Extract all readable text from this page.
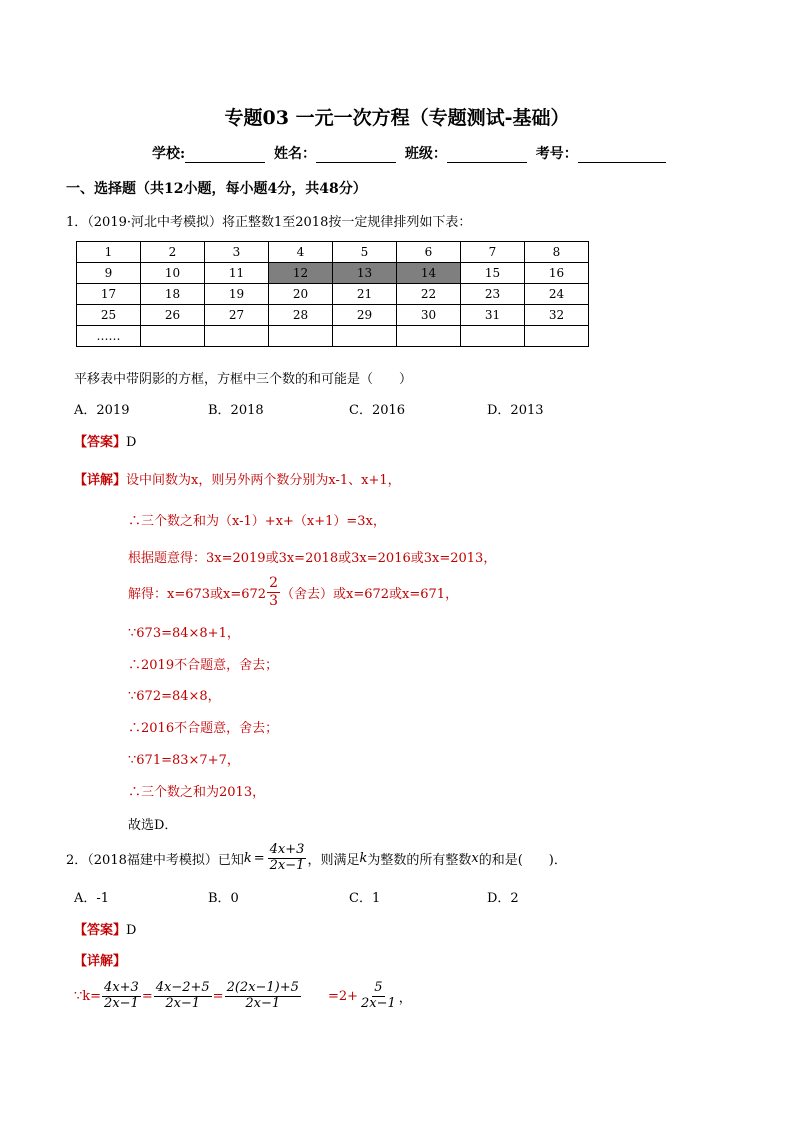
专题03 一元一次方程（专题测试-基础）
学校:	姓名：	班级：	考号：
一、选择题（共12小题，每小题4分，共48分）
1．（2019·河北中考模拟）将正整数1至2018按一定规律排列如下表：
1	2	3	4	5	6	7	8
9	10	11	12	13	14	15	16
17	18	19	20	21	22	23	24
25	26	27	28	29	30	31	32
……							
平移表中带阴影的方框，方框中三个数的和可能是（　　）
A．2019	B．2018	C．2016	D．2013
【答案】D
【详解】设中间数为x，则另外两个数分别为x-1、x+1，
∴三个数之和为（x-1）+x+（x+1）=3x，
根据题意得：3x=2019或3x=2018或3x=2016或3x=2013，
解得：x=673或$x=672 \frac{2}{3}$ （舍去）或x=672或x=671，
∵673=84×8+1，
∴2019不合题意，舍去；
∵672=84×8，
∴2016不合题意，舍去；
∵671=83×7+7，
∴三个数之和为2013，
故选D．
2．（2018福建中考模拟）已知 $k = \frac{4x+3}{2x-1}$ ，则满足 k 为整数的所有整数 x 的和是(　　)．
A．-1	B．0	C．1	D．2
【答案】D
【详解】
∵k= $\frac{4x+3}{2x-1} = \frac{4x-2+5}{2x-1} = \frac{2(2x-1)+5}{2x-1} =2+ \frac{5}{2x-1}$ ，
